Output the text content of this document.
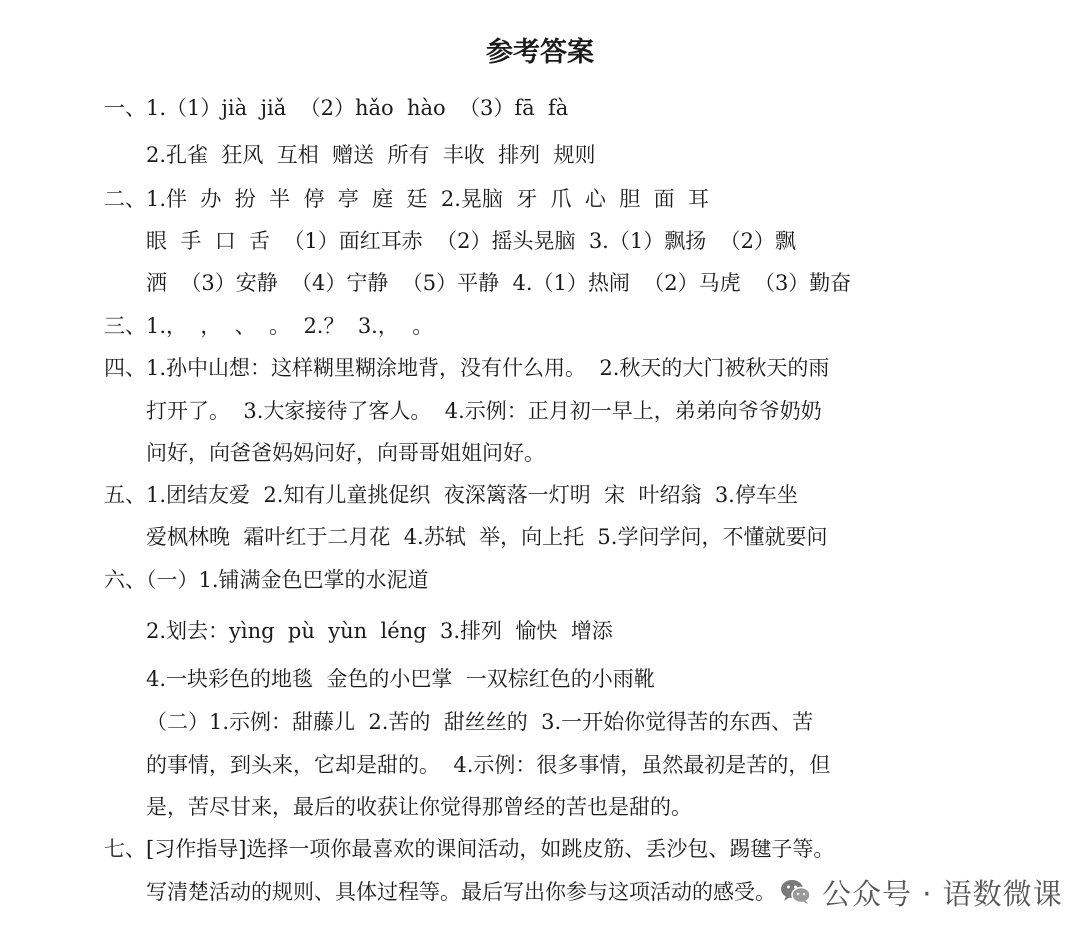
参考答案
一、1.（1）jià  jiǎ  （2）hǎo  hào  （3）fā  fà
2.孔雀  狂风  互相  赠送  所有  丰收  排列  规则
二、1.伴  办  扮  半  停  亭  庭  廷  2.晃脑  牙  爪  心  胆  面  耳
眼  手  口  舌  （1）面红耳赤  （2）摇头晃脑  3.（1）飘扬  （2）飘
洒  （3）安静  （4）宁静  （5）平静  4.（1）热闹  （2）马虎  （3）勤奋
三、1.，  ，  、  。  2.？  3.，  。
四、1.孙中山想：这样糊里糊涂地背，没有什么用。  2.秋天的大门被秋天的雨
打开了。  3.大家接待了客人。  4.示例：正月初一早上，弟弟向爷爷奶奶
问好，向爸爸妈妈问好，向哥哥姐姐问好。
五、1.团结友爱  2.知有儿童挑促织  夜深篱落一灯明  宋  叶绍翁  3.停车坐
爱枫林晚  霜叶红于二月花  4.苏轼  举，向上托  5.学问学问，不懂就要问
六、（一）1.铺满金色巴掌的水泥道
2.划去：yìng  pù  yùn  léng  3.排列  愉快  增添
4.一块彩色的地毯  金色的小巴掌  一双棕红色的小雨靴
（二）1.示例：甜藤儿  2.苦的  甜丝丝的  3.一开始你觉得苦的东西、苦
的事情，到头来，它却是甜的。  4.示例：很多事情，虽然最初是苦的，但
是，苦尽甘来，最后的收获让你觉得那曾经的苦也是甜的。
七、[习作指导]选择一项你最喜欢的课间活动，如跳皮筋、丢沙包、踢毽子等。
写清楚活动的规则、具体过程等。最后写出你参与这项活动的感受。 公众号 · 语数微课
